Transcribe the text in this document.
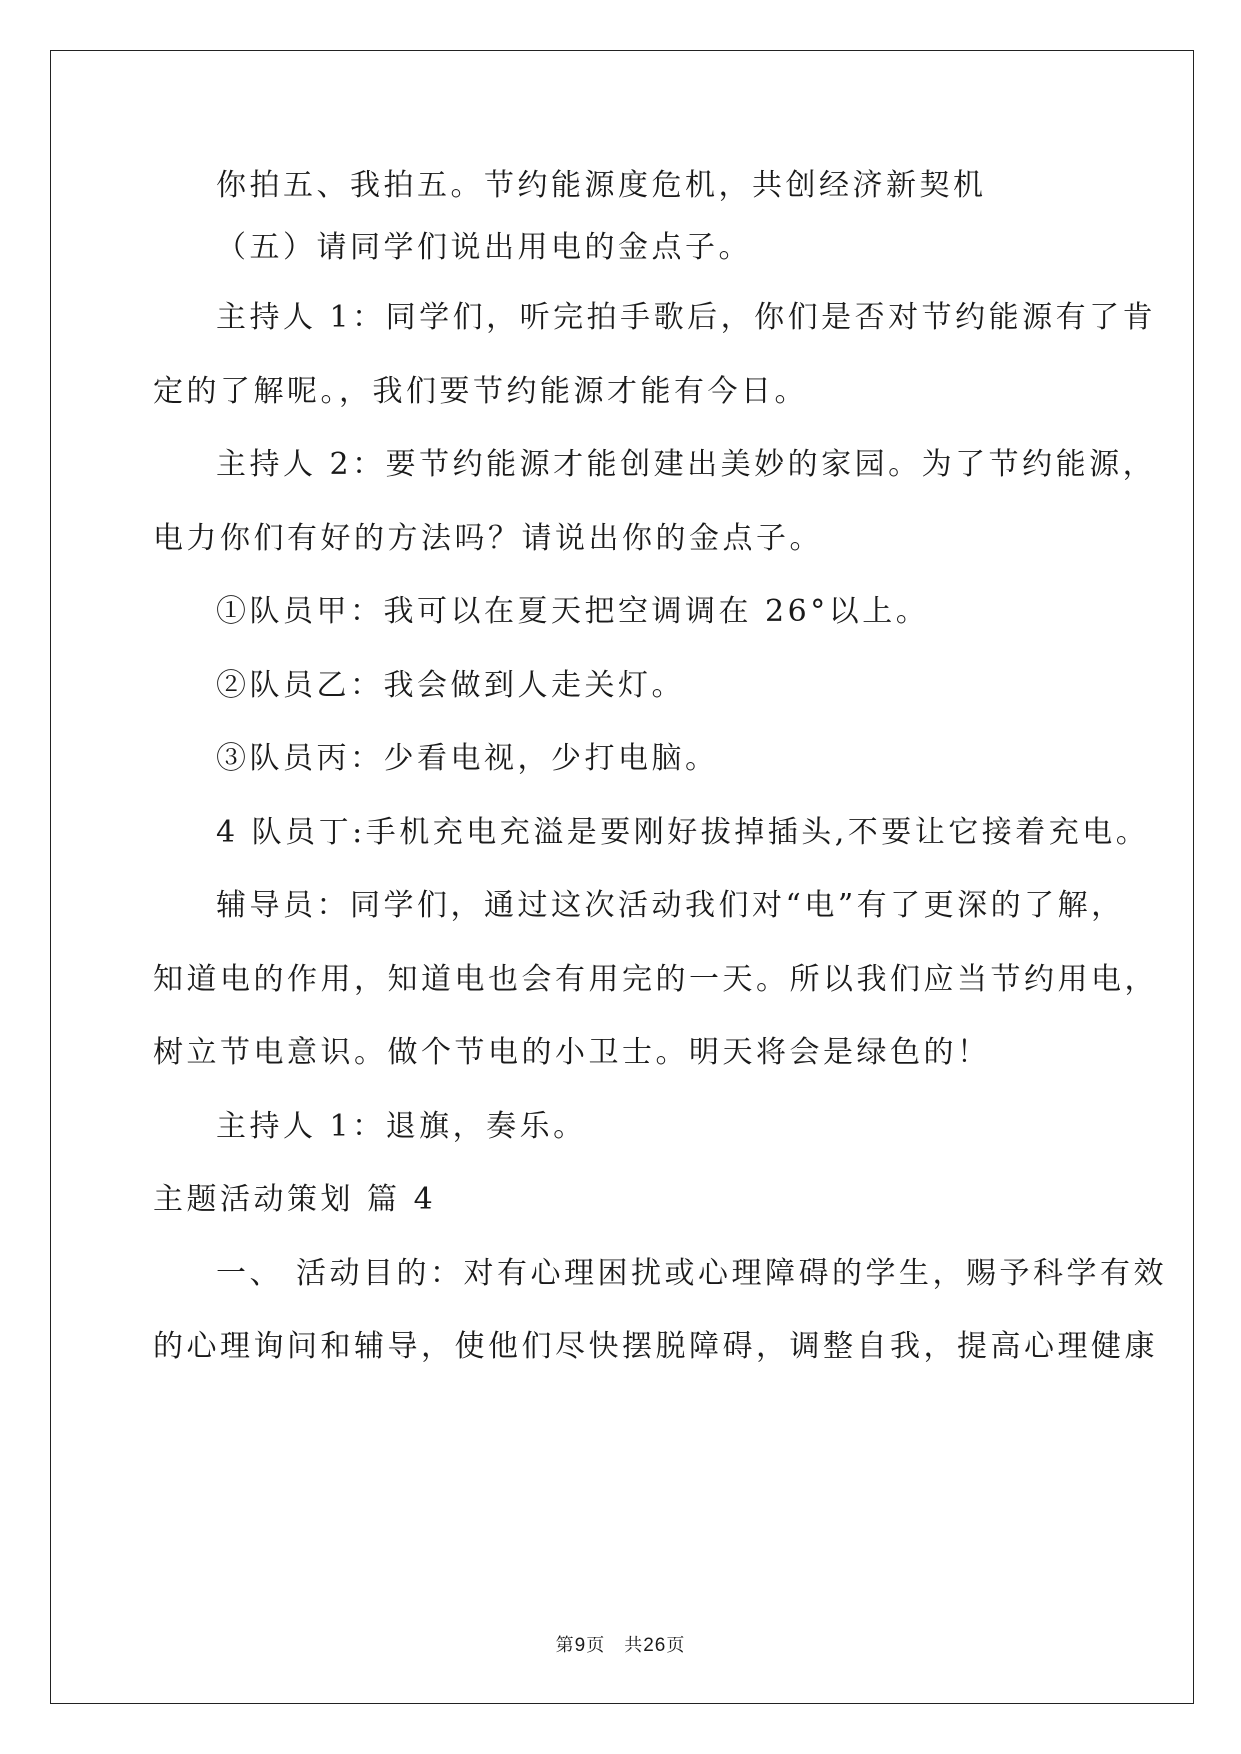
你拍五、我拍五。节约能源度危机，共创经济新契机
（五）请同学们说出用电的金点子。
主持人 1：同学们，听完拍手歌后，你们是否对节约能源有了肯
定的了解呢。，我们要节约能源才能有今日。
主持人 2：要节约能源才能创建出美妙的家园。为了节约能源，
电力你们有好的方法吗？请说出你的金点子。
①队员甲：我可以在夏天把空调调在 26°以上。
②队员乙：我会做到人走关灯。
③队员丙：少看电视，少打电脑。
4 队员丁:手机充电充溢是要刚好拔掉插头,不要让它接着充电。
辅导员：同学们，通过这次活动我们对“电”有了更深的了解，
知道电的作用，知道电也会有用完的一天。所以我们应当节约用电，
树立节电意识。做个节电的小卫士。明天将会是绿色的！
主持人 1：退旗，奏乐。
主题活动策划 篇 4
一、 活动目的：对有心理困扰或心理障碍的学生，赐予科学有效
的心理询问和辅导，使他们尽快摆脱障碍，调整自我，提高心理健康
第9页　共26页
